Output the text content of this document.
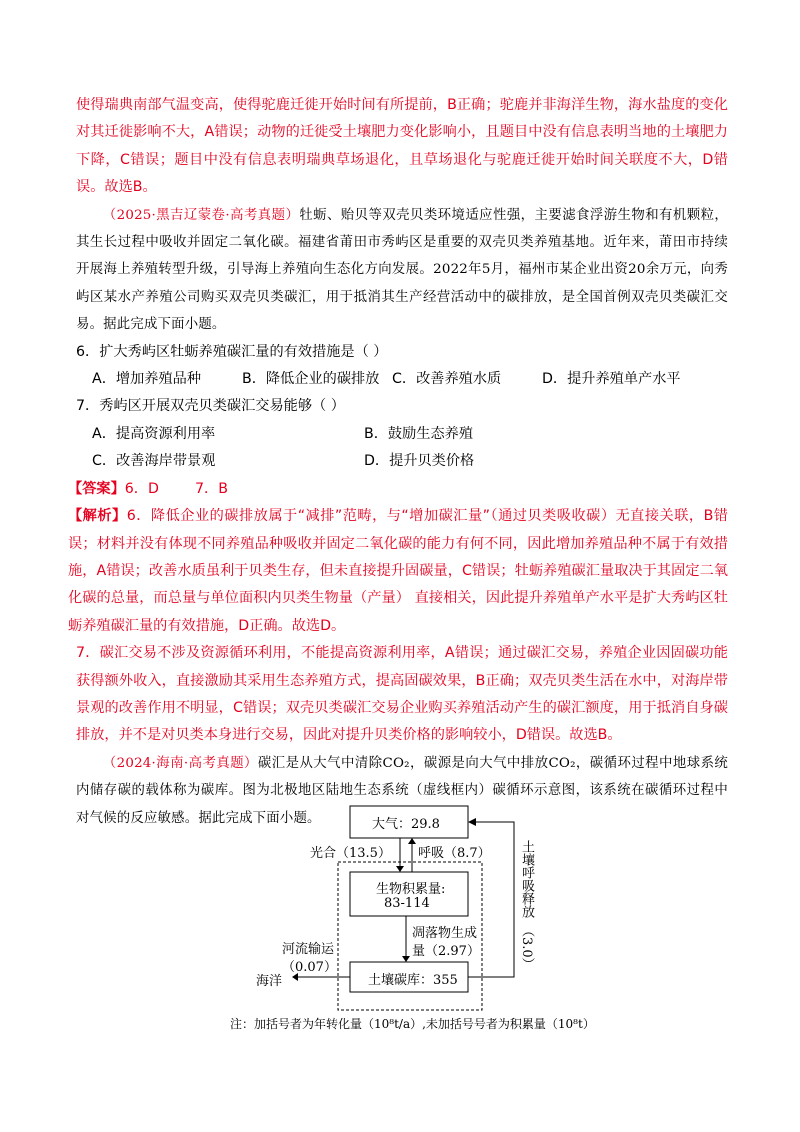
使得瑞典南部气温变高，使得驼鹿迁徙开始时间有所提前，B正确；驼鹿并非海洋生物，海水盐度的变化对其迁徙影响不大，A错误；动物的迁徙受土壤肥力变化影响小，且题目中没有信息表明当地的土壤肥力下降，C错误；题目中没有信息表明瑞典草场退化，且草场退化与驼鹿迁徙开始时间关联度不大，D错误。故选B。

（2025·黑吉辽蒙卷·高考真题）牡蛎、贻贝等双壳贝类环境适应性强，主要滤食浮游生物和有机颗粒，其生长过程中吸收并固定二氧化碳。福建省莆田市秀屿区是重要的双壳贝类养殖基地。近年来，莆田市持续开展海上养殖转型升级，引导海上养殖向生态化方向发展。2022年5月，福州市某企业出资20余万元，向秀屿区某水产养殖公司购买双壳贝类碳汇，用于抵消其生产经营活动中的碳排放，是全国首例双壳贝类碳汇交易。据此完成下面小题。

6．扩大秀屿区牡蛎养殖碳汇量的有效措施是（ ）

A．增加养殖品种	B．降低企业的碳排放 C．改善养殖水质	D．提升养殖单产水平

7．秀屿区开展双壳贝类碳汇交易能够（ ）

A．提高资源利用率	B．鼓励生态养殖
C．改善海岸带景观	D．提升贝类价格

【答案】6．D        7．B

【解析】6．降低企业的碳排放属于“减排”范畴，与“增加碳汇量”（通过贝类吸收碳）无直接关联，B错误；材料并没有体现不同养殖品种吸收并固定二氧化碳的能力有何不同，因此增加养殖品种不属于有效措施，A错误；改善水质虽利于贝类生存，但未直接提升固碳量，C错误；牡蛎养殖碳汇量取决于其固定二氧化碳的总量，而总量与单位面积内贝类生物量（产量） 直接相关，因此提升养殖单产水平是扩大秀屿区牡蛎养殖碳汇量的有效措施，D正确。故选D。

7．碳汇交易不涉及资源循环利用，不能提高资源利用率，A错误；通过碳汇交易，养殖企业因固碳功能获得额外收入，直接激励其采用生态养殖方式，提高固碳效果，B正确；双壳贝类生活在水中，对海岸带景观的改善作用不明显，C错误；双壳贝类碳汇交易企业购买养殖活动产生的碳汇额度，用于抵消自身碳排放，并不是对贝类本身进行交易，因此对提升贝类价格的影响较小，D错误。故选B。

（2024·海南·高考真题）碳汇是从大气中清除CO₂，碳源是向大气中排放CO₂，碳循环过程中地球系统内储存碳的载体称为碳库。图为北极地区陆地生态系统（虚线框内）碳循环示意图，该系统在碳循环过程中对气候的反应敏感。据此完成下面小题。	大气：29.8
光合（13.5） 呼吸（8.7）
生物积累量:
83-114
凋落物生成
量（2.97）
土壤碳库：355
河流输运
（0.07）
海洋
土壤呼吸释放
（3.0）
注：加括号者为年转化量（10⁸t/a）,未加括号号者为积累量（10⁸t）
